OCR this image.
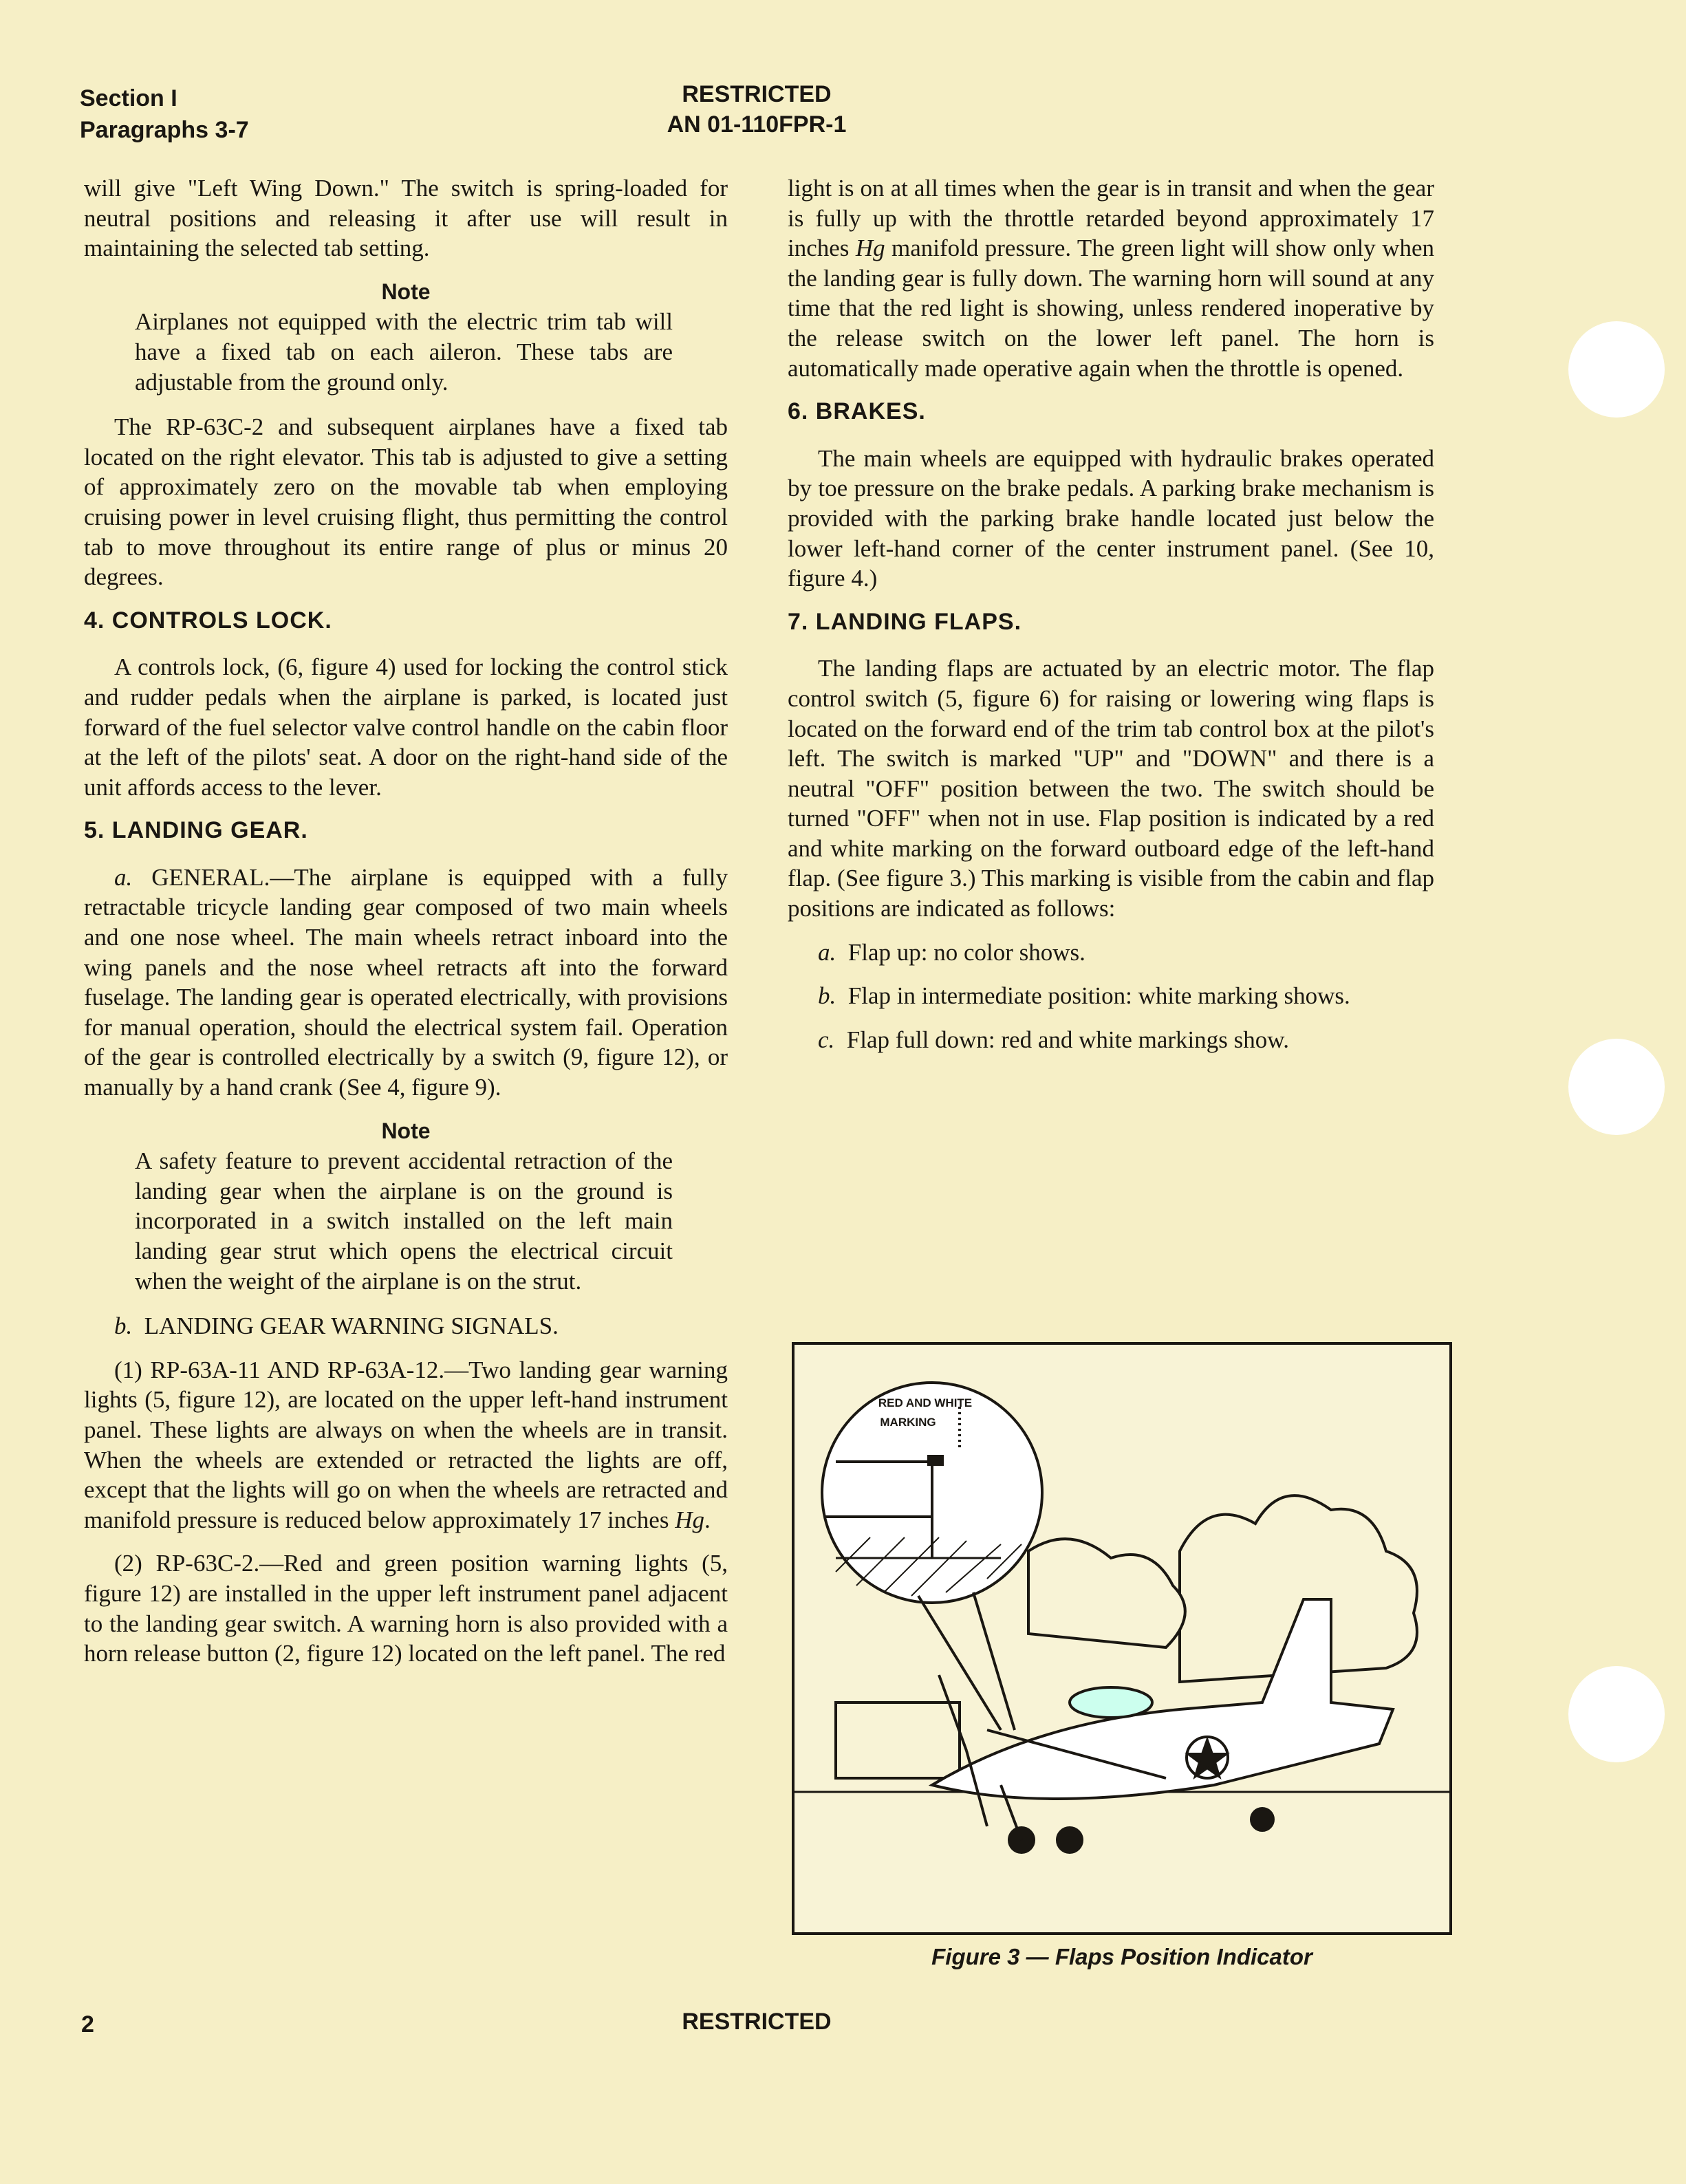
Section I
Paragraphs 3-7
RESTRICTED
AN 01-110FPR-1

will give "Left Wing Down." The switch is spring-loaded for neutral positions and releasing it after use will result in maintaining the selected tab setting.

Note
Airplanes not equipped with the electric trim tab will have a fixed tab on each aileron. These tabs are adjustable from the ground only.

The RP-63C-2 and subsequent airplanes have a fixed tab located on the right elevator. This tab is adjusted to give a setting of approximately zero on the movable tab when employing cruising power in level cruising flight, thus permitting the control tab to move throughout its entire range of plus or minus 20 degrees.

4. CONTROLS LOCK.

A controls lock, (6, figure 4) used for locking the control stick and rudder pedals when the airplane is parked, is located just forward of the fuel selector valve control handle on the cabin floor at the left of the pilots' seat. A door on the right-hand side of the unit affords access to the lever.

5. LANDING GEAR.

a. GENERAL.—The airplane is equipped with a fully retractable tricycle landing gear composed of two main wheels and one nose wheel. The main wheels retract inboard into the wing panels and the nose wheel retracts aft into the forward fuselage. The landing gear is operated electrically, with provisions for manual operation, should the electrical system fail. Operation of the gear is controlled electrically by a switch (9, figure 12), or manually by a hand crank (See 4, figure 9).

Note
A safety feature to prevent accidental retraction of the landing gear when the airplane is on the ground is incorporated in a switch installed on the left main landing gear strut which opens the electrical circuit when the weight of the airplane is on the strut.

b. LANDING GEAR WARNING SIGNALS.

(1) RP-63A-11 AND RP-63A-12.—Two landing gear warning lights (5, figure 12), are located on the upper left-hand instrument panel. These lights are always on when the wheels are in transit. When the wheels are extended or retracted the lights are off, except that the lights will go on when the wheels are retracted and manifold pressure is reduced below approximately 17 inches Hg.

(2) RP-63C-2.—Red and green position warning lights (5, figure 12) are installed in the upper left instrument panel adjacent to the landing gear switch. A warning horn is also provided with a horn release button (2, figure 12) located on the left panel. The red

light is on at all times when the gear is in transit and when the gear is fully up with the throttle retarded beyond approximately 17 inches Hg manifold pressure. The green light will show only when the landing gear is fully down. The warning horn will sound at any time that the red light is showing, unless rendered inoperative by the release switch on the lower left panel. The horn is automatically made operative again when the throttle is opened.

6. BRAKES.

The main wheels are equipped with hydraulic brakes operated by toe pressure on the brake pedals. A parking brake mechanism is provided with the parking brake handle located just below the lower left-hand corner of the center instrument panel. (See 10, figure 4.)

7. LANDING FLAPS.

The landing flaps are actuated by an electric motor. The flap control switch (5, figure 6) for raising or lowering wing flaps is located on the forward end of the trim tab control box at the pilot's left. The switch is marked "UP" and "DOWN" and there is a neutral "OFF" position between the two. The switch should be turned "OFF" when not in use. Flap position is indicated by a red and white marking on the forward outboard edge of the left-hand flap. (See figure 3.) This marking is visible from the cabin and flap positions are indicated as follows:

a. Flap up: no color shows.

b. Flap in intermediate position: white marking shows.

c. Flap full down: red and white markings show.

RED AND WHITE
MARKING
Figure 3 — Flaps Position Indicator
2	RESTRICTED
